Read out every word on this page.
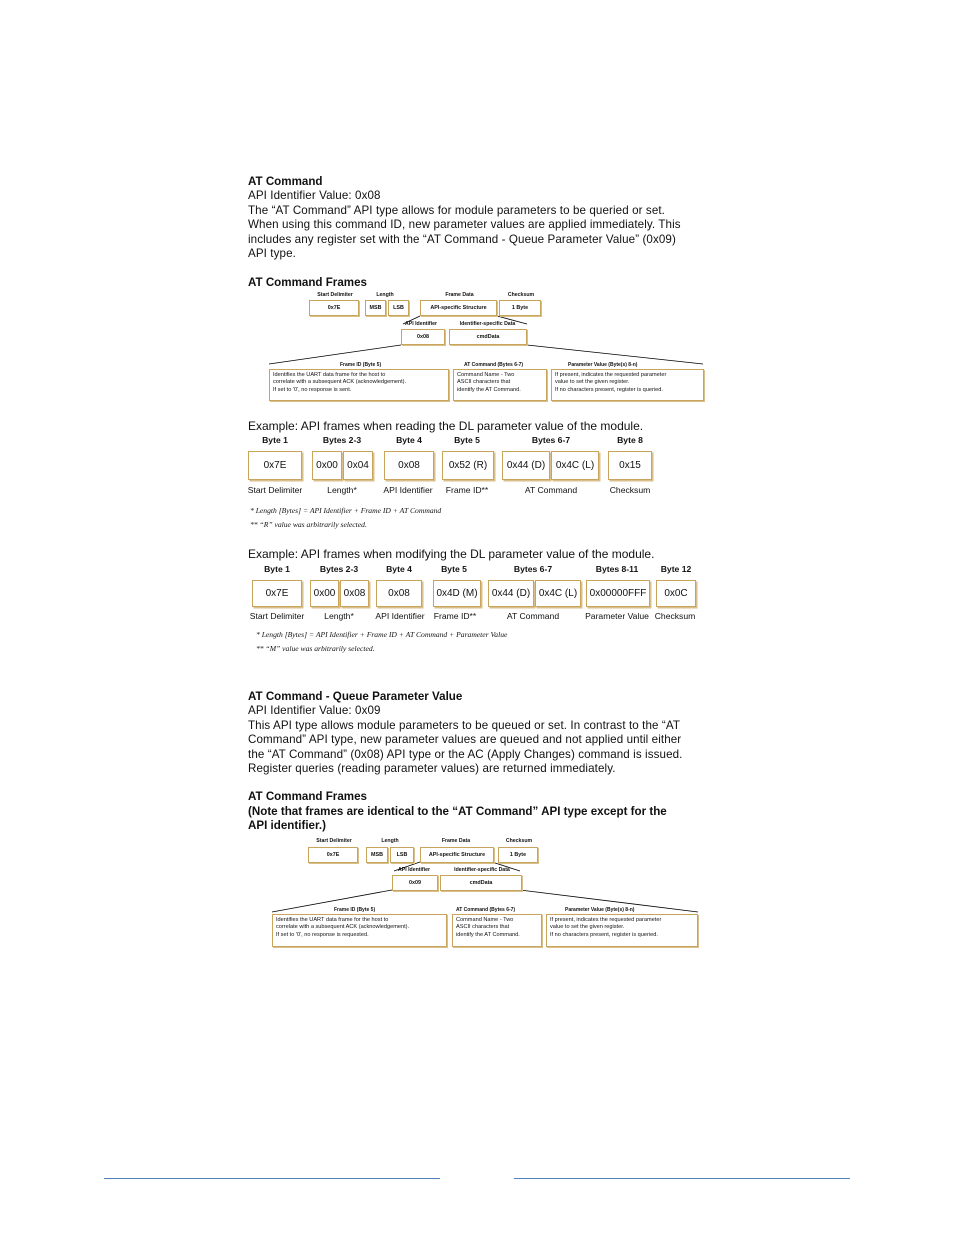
AT Command
API Identifier Value: 0x08
The “AT Command” API type allows for module parameters to be queried or set.
When using this command ID, new parameter values are applied immediately. This
includes any register set with the “AT Command - Queue Parameter Value” (0x09)
API type.
AT Command Frames
Start Delimiter	Length	Frame Data	Checksum
0x7E	MSB	LSB	API-specific Structure	1 Byte
API Identifier	Identifier-specific Data
0x08	cmdData
Frame ID (Byte 5)	AT Command (Bytes 6-7)	Parameter Value (Byte(s) 8-n)
Identifies the UART data frame for the host to
correlate with a subsequent ACK (acknowledgement).
If set to '0', no response is sent.
Command Name - Two
ASCII characters that
identify the AT Command.
If present, indicates the requested parameter
value to set the given register.
If no characters present, register is queried.
Example: API frames when reading the DL parameter value of the module.
Byte 1	Bytes 2-3	Byte 4	Byte 5	Bytes 6-7	Byte 8
0x7E	0x00 0x04	0x08	0x52 (R)	0x44 (D)	0x4C (L)	0x15
Start Delimiter	Length*	API Identifier	Frame ID**	AT Command	Checksum
* Length [Bytes] = API Identifier + Frame ID + AT Command
** “R” value was arbitrarily selected.
Example: API frames when modifying the DL parameter value of the module.
Byte 1	Bytes 2-3	Byte 4	Byte 5	Bytes 6-7	Bytes 8-11	Byte 12
0x7E	0x00 0x08	0x08	0x4D (M)	0x44 (D) 0x4C (L)	0x00000FFF	0x0C
Start Delimiter	Length*	API Identifier	Frame ID**	AT Command	Parameter Value Checksum
* Length [Bytes] = API Identifier + Frame ID + AT Command + Parameter Value
** “M” value was arbitrarily selected.
AT Command - Queue Parameter Value
API Identifier Value: 0x09
This API type allows module parameters to be queued or set. In contrast to the “AT
Command” API type, new parameter values are queued and not applied until either
the “AT Command” (0x08) API type or the AC (Apply Changes) command is issued.
Register queries (reading parameter values) are returned immediately.
AT Command Frames
(Note that frames are identical to the “AT Command” API type except for the
API identifier.)
Start Delimiter	Length	Frame Data	Checksum
0x7E	MSB	LSB	API-specific Structure	1 Byte
API Identifier	Identifier-specific Data
0x09	cmdData
Frame ID (Byte 5)	AT Command (Bytes 6-7)	Parameter Value (Byte(s) 8-n)
Identifies the UART data frame for the host to
correlate with a subsequent ACK (acknowledgement).
If set to '0', no response is requested.
Command Name - Two
ASCII characters that
identify the AT Command.
If present, indicates the requested parameter
value to set the given register.
If no characters present, register is queried.
